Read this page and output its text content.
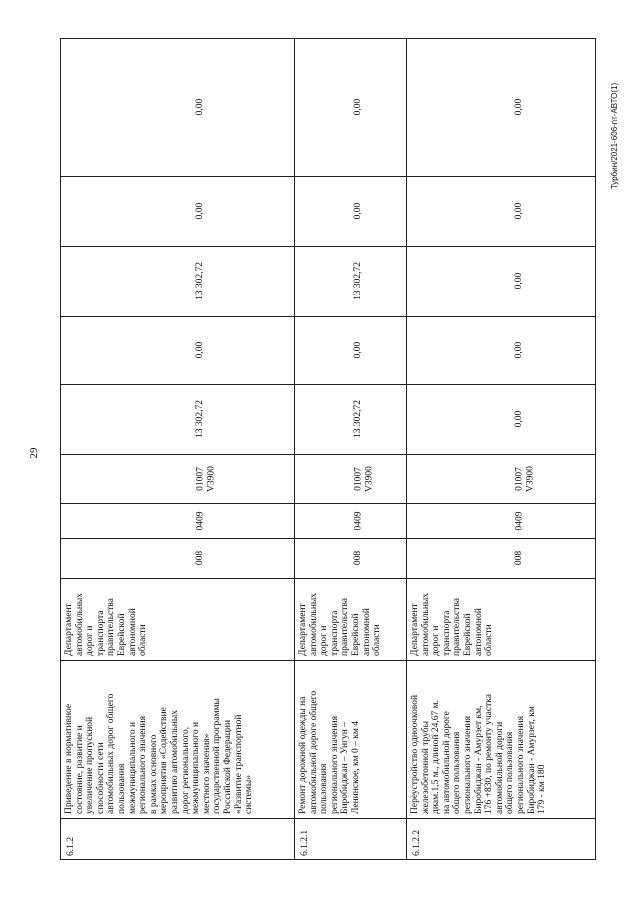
29
Турбин/2021-606-пт-АВТО(1)
0,00
0,00
13 302,72
0,00
13 302,72
01007
V3900
0409
008
Департамент
автомобильных
дорог и
транспорта
правительства
Еврейской
автономной
области
Приведение в нормативное
состояние, развитие и
увеличение пропускной
способности сети
автомобильных дорог общего
пользования
межмуниципального и
регионального значения
в рамках основного
мероприятия «Содействие
развитию автомобильных
дорог регионального,
межмуниципального и
местного значения»
государственной программы
Российской Федерации
«Развитие транспортной
системы»
6.1.2
0,00
0,00
13 302,72
0,00
13 302,72
01007
V3900
0409
008
Департамент
автомобильных
дорог и
транспорта
правительства
Еврейской
автономной
области
Ремонт дорожной одежды на
автомобильной дороге общего
пользования
регионального значения
Биробиджан – Унгун –
Ленинское, км 0 – км 4
6.1.2.1
0,00
0,00
0,00
0,00
0,00
01007
V3900
0409
008
Департамент
автомобильных
дорог и
транспорта
правительства
Еврейской
автономной
области
Переустройство одноочковой
железобетонной трубы
диам.1,5 м., длиной 24,67 м.
на автомобильной дороге
общего пользования
регионального значения
Биробиджан - Амурзет км,
176 +830, по ремонту участка
автомобильной дороги
общего пользования
регионального значения
Биробиджан - Амурзет, км
179 - км 180
6.1.2.2
